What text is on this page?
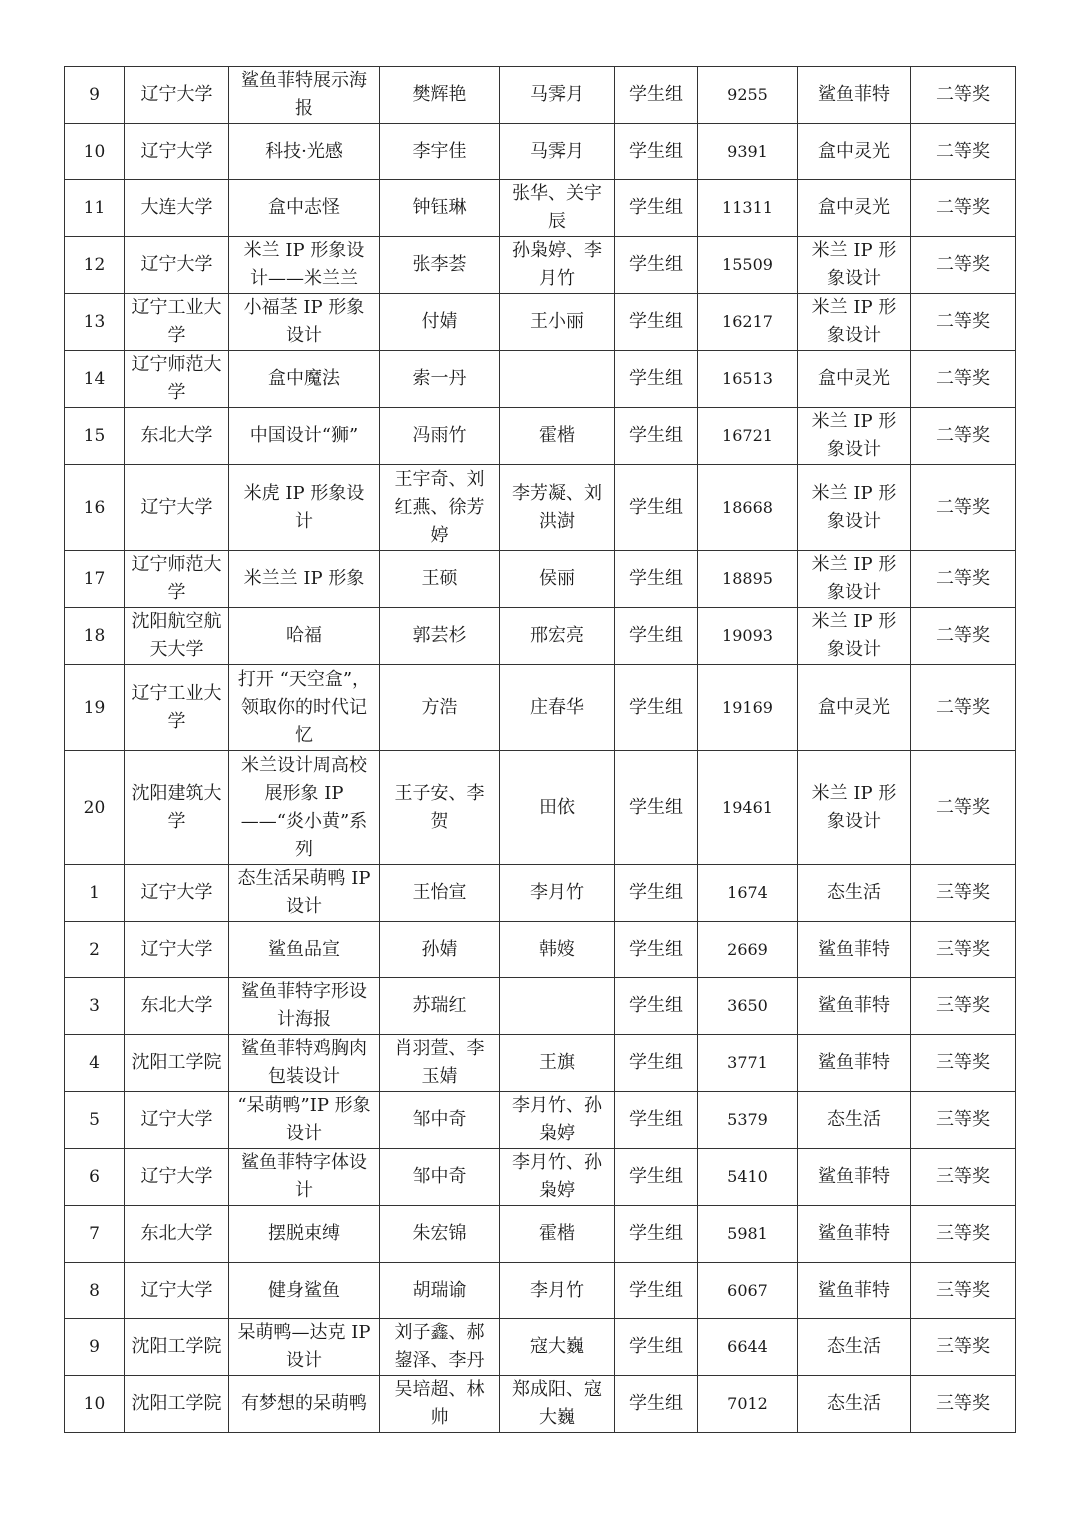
9	辽宁大学	鲨鱼菲特展示海报	樊辉艳	马霁月	学生组	9255	鲨鱼菲特	二等奖
10	辽宁大学	科技·光感	李宇佳	马霁月	学生组	9391	盒中灵光	二等奖
11	大连大学	盒中志怪	钟钰琳	张华、关宇辰	学生组	11311	盒中灵光	二等奖
12	辽宁大学	米兰 IP 形象设计——米兰兰	张李荟	孙枭婷、李月竹	学生组	15509	米兰 IP 形象设计	二等奖
13	辽宁工业大学	小福茎 IP 形象设计	付婧	王小丽	学生组	16217	米兰 IP 形象设计	二等奖
14	辽宁师范大学	盒中魔法	索一丹		学生组	16513	盒中灵光	二等奖
15	东北大学	中国设计“狮”	冯雨竹	霍楷	学生组	16721	米兰 IP 形象设计	二等奖
16	辽宁大学	米虎 IP 形象设计	王宇奇、刘红燕、徐芳婷	李芳凝、刘洪澍	学生组	18668	米兰 IP 形象设计	二等奖
17	辽宁师范大学	米兰兰 IP 形象	王硕	侯丽	学生组	18895	米兰 IP 形象设计	二等奖
18	沈阳航空航天大学	哈福	郭芸杉	邢宏亮	学生组	19093	米兰 IP 形象设计	二等奖
19	辽宁工业大学	打开 “天空盒”，领取你的时代记忆	方浩	庄春华	学生组	19169	盒中灵光	二等奖
20	沈阳建筑大学	米兰设计周高校展形象 IP——“炎小黄”系列	王子安、李贺	田依	学生组	19461	米兰 IP 形象设计	二等奖
1	辽宁大学	态生活呆萌鸭 IP 设计	王怡宣	李月竹	学生组	1674	态生活	三等奖
2	辽宁大学	鲨鱼品宣	孙婧	韩㛮	学生组	2669	鲨鱼菲特	三等奖
3	东北大学	鲨鱼菲特字形设计海报	苏瑞红		学生组	3650	鲨鱼菲特	三等奖
4	沈阳工学院	鲨鱼菲特鸡胸肉包装设计	肖羽萱、李玉婧	王旗	学生组	3771	鲨鱼菲特	三等奖
5	辽宁大学	“呆萌鸭”IP 形象设计	邹中奇	李月竹、孙枭婷	学生组	5379	态生活	三等奖
6	辽宁大学	鲨鱼菲特字体设计	邹中奇	李月竹、孙枭婷	学生组	5410	鲨鱼菲特	三等奖
7	东北大学	摆脱束缚	朱宏锦	霍楷	学生组	5981	鲨鱼菲特	三等奖
8	辽宁大学	健身鲨鱼	胡瑞谕	李月竹	学生组	6067	鲨鱼菲特	三等奖
9	沈阳工学院	呆萌鸭—达克 IP 设计	刘子鑫、郝鋆泽、李丹	寇大巍	学生组	6644	态生活	三等奖
10	沈阳工学院	有梦想的呆萌鸭	吴培超、林帅	郑成阳、寇大巍	学生组	7012	态生活	三等奖
